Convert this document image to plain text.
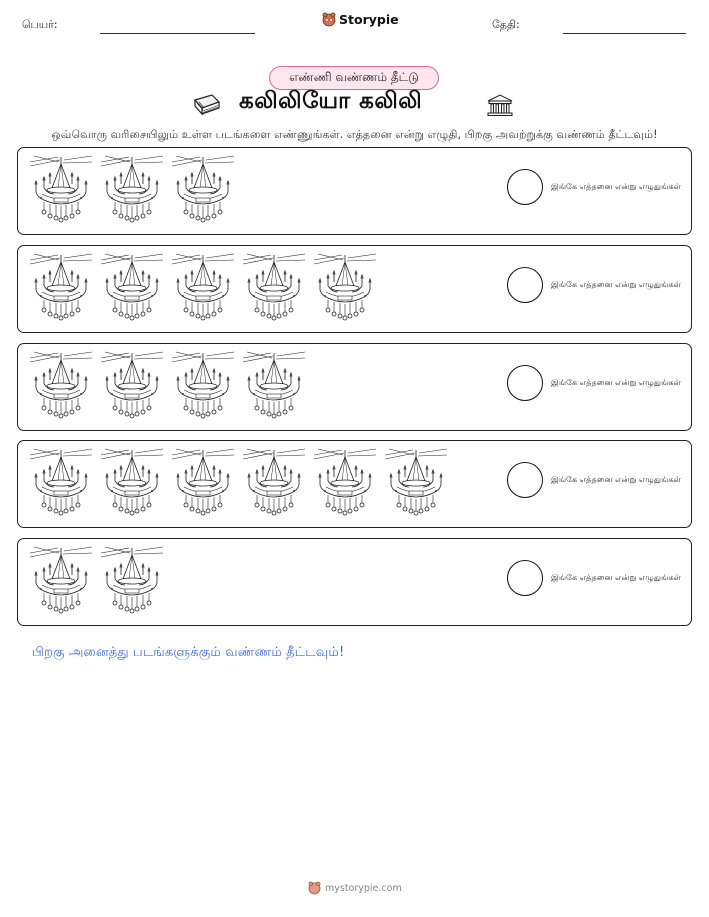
பெயர்:	Storypie	தேதி:
எண்ணி வண்ணம் தீட்டு
கலிலியோ கலிலி
ஒவ்வொரு வரிசையிலும் உள்ள படங்களை எண்ணுங்கள். எத்தனை என்று எழுதி, பிறகு அவற்றுக்கு வண்ணம் தீட்டவும்!
இங்கே எத்தனை என்று எழுதுங்கள்
இங்கே எத்தனை என்று எழுதுங்கள்
இங்கே எத்தனை என்று எழுதுங்கள்
இங்கே எத்தனை என்று எழுதுங்கள்
இங்கே எத்தனை என்று எழுதுங்கள்
பிறகு அனைத்து படங்களுக்கும் வண்ணம் தீட்டவும்!
mystorypie.com
